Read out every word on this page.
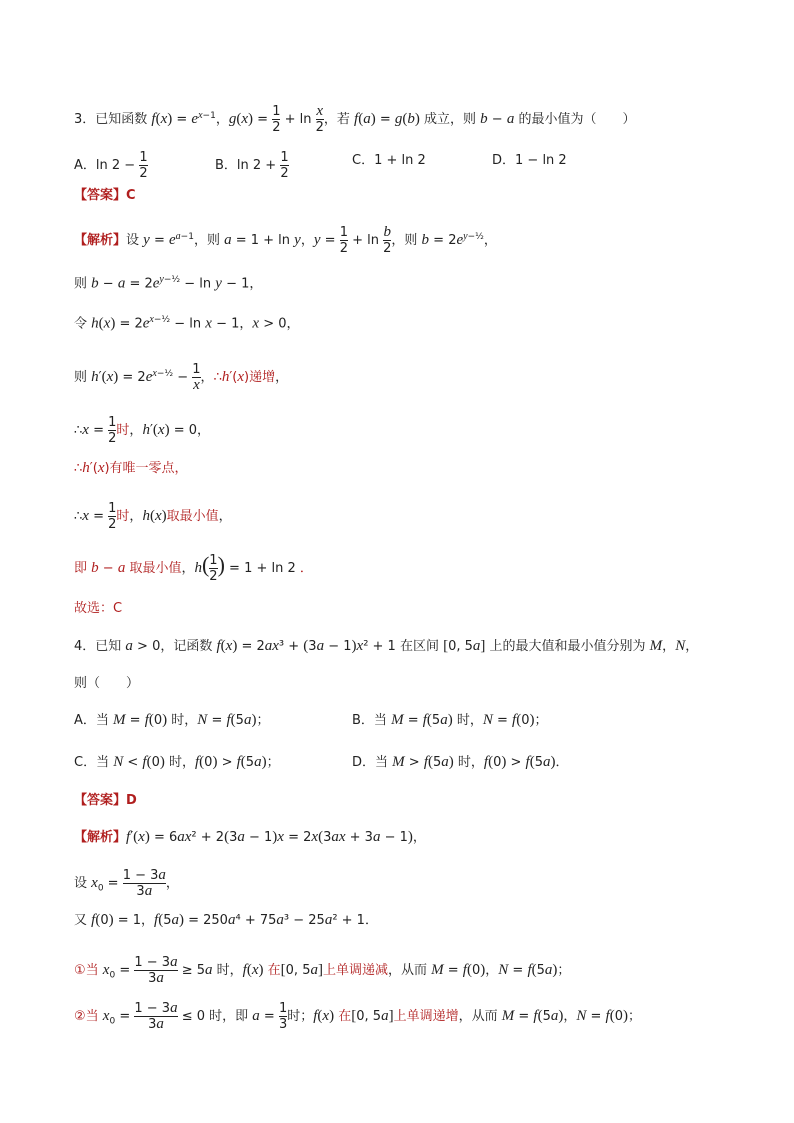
3．已知函数 $f(x) = e^{x-1}$，$g(x) = \frac{1}{2} + \ln \frac{x}{2}$ ，若 f(a) = g(b) 成立，则 b − a 的最小值为（　　）
A．$\ln 2 - \frac{1}{2}$	B．$\ln 2 + \frac{1}{2}$	C．1 + ln 2	D．1 − ln 2
【答案】C
【解析】设 $y = e^{a-1}$，则 a = 1 + ln y，$y = \frac{1}{2} + \ln \frac{b}{2}$ ，则 $b = 2e^{y-\frac{1}{2}}$，
则 $b - a = 2e^{y-\frac{1}{2}} - \ln y - 1$，
令 $h(x) = 2e^{x-\frac{1}{2}} - \ln x - 1$，x > 0，
则 $h'(x) = 2e^{x-\frac{1}{2}} - \frac{1}{x}$ ，∴h′(x)递增，
∴x = $\frac{1}{2}$ 时，h′(x) = 0，
∴h′(x)有唯一零点，
∴x = $\frac{1}{2}$ 时，h(x)取最小值，
即 b − a 取最小值，$h( \frac{1}{2}$ ) = 1 + ln 2 ．
故选：C
4．已知 a > 0，记函数 f(x) = 2ax³ + (3a − 1)x² + 1 在区间 [0, 5a] 上的最大值和最小值分别为 M，N，
则（　　）
A．当 M = f(0) 时，N = f(5a)；	B．当 M = f(5a) 时，N = f(0)；
C．当 N < f(0) 时，f(0) > f(5a)；	D．当 M > f(5a) 时，f(0) > f(5a)．
【答案】D
【解析】f′(x) = 6ax² + 2(3a − 1)x = 2x(3ax + 3a − 1)，
设 $x_0 = \frac{1 - 3a}{3a}$ ，
又 f(0) = 1，f(5a) = 250a⁴ + 75a³ − 25a² + 1．
①当 $x_0 = \frac{1 - 3a}{3a} \ge 5a$ 时，f(x) 在[0, 5a]上单调递减，从而 M = f(0)，N = f(5a)；
②当 $x_0 = \frac{1 - 3a}{3a} \le 0$ 时，即 $a = \frac{1}{3}$ 时；f(x) 在[0, 5a]上单调递增，从而 M = f(5a)，N = f(0)；
